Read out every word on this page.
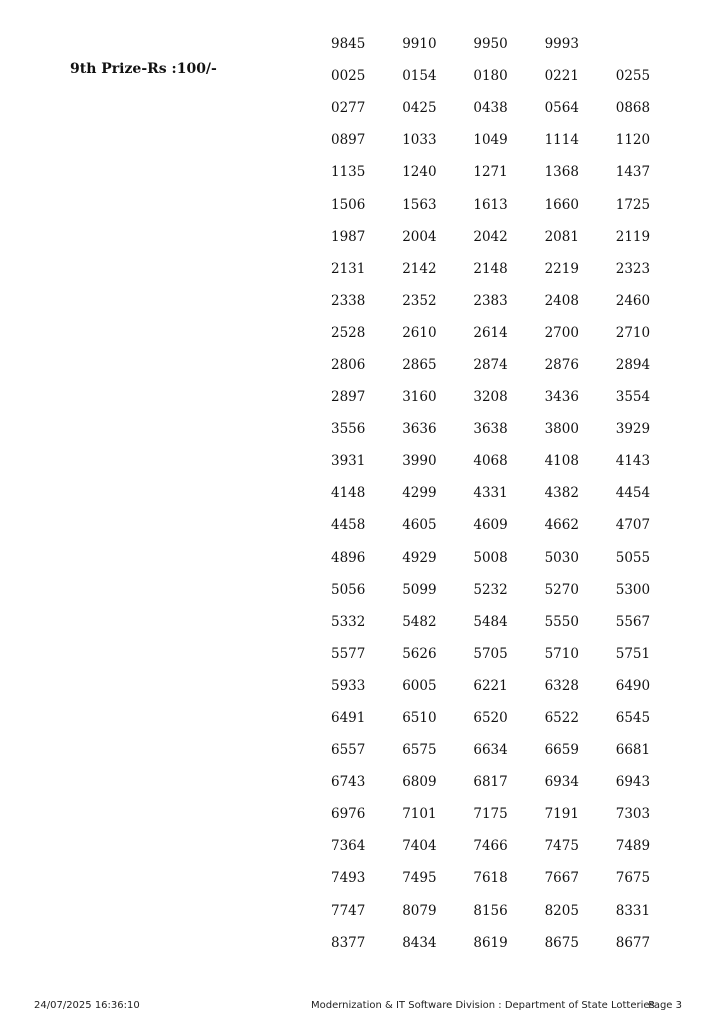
9th Prize-Rs :100/-
9845	9910	9950	9993
0025	0154	0180	0221	0255
0277	0425	0438	0564	0868
0897	1033	1049	1114	1120
1135	1240	1271	1368	1437
1506	1563	1613	1660	1725
1987	2004	2042	2081	2119
2131	2142	2148	2219	2323
2338	2352	2383	2408	2460
2528	2610	2614	2700	2710
2806	2865	2874	2876	2894
2897	3160	3208	3436	3554
3556	3636	3638	3800	3929
3931	3990	4068	4108	4143
4148	4299	4331	4382	4454
4458	4605	4609	4662	4707
4896	4929	5008	5030	5055
5056	5099	5232	5270	5300
5332	5482	5484	5550	5567
5577	5626	5705	5710	5751
5933	6005	6221	6328	6490
6491	6510	6520	6522	6545
6557	6575	6634	6659	6681
6743	6809	6817	6934	6943
6976	7101	7175	7191	7303
7364	7404	7466	7475	7489
7493	7495	7618	7667	7675
7747	8079	8156	8205	8331
8377	8434	8619	8675	8677
24/07/2025 16:36:10	Modernization & IT Software Division : Department of State Lotteries
Page 3
